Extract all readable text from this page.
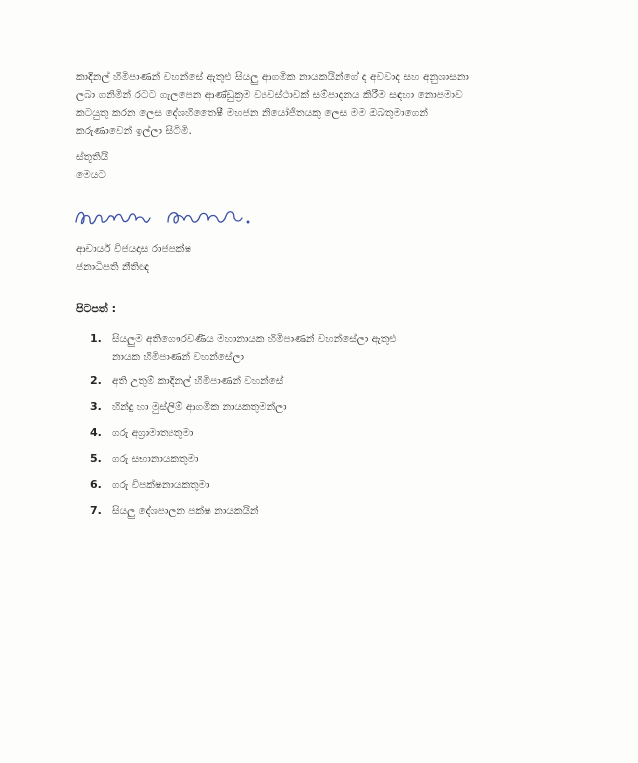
කාදිනල් හිමිපාණන් වහන්සේ ඇතුළු සියලු ආගමික නායකයින්ගේ ද අවවාද සහ අනුශාසනා
ලබා ගනිමින් රටට ගැලපෙන ආණ්ඩුක්‍රම ව්‍යවස්ථාවක් සම්පාදනය කිරීම සඳහා නොපමාව
කටයුතු කරන ලෙස දේශහිතෛෂී මහජන නියෝජිතයකු ලෙස මම ඔබතුමාගෙන්
කරුණාවෙන් ඉල්ලා සිටිමි.
ස්තූතියි
මෙයට
ආචාර්ය විජයදාස රාජපක්ෂ
ජනාධිපති නීතිඥ
පිටපත් :
1. සියලුම අතිගෞරවණීය මහානායක හිමිපාණන් වහන්සේලා ඇතුළු
නායක හිමිපාණන් වහන්සේලා
2. අති උතුම් කාදිනල් හිමිපාණන් වහන්සේ
3. හින්දු හා මුස්ලිම් ආගමික නායකතුමන්ලා
4. ගරු අග්‍රාමාත්‍යතුමා
5. ගරු සභානායකතුමා
6. ගරු විපක්ෂනායකතුමා
7. සියලු දේශපාලන පක්ෂ නායකයින්
